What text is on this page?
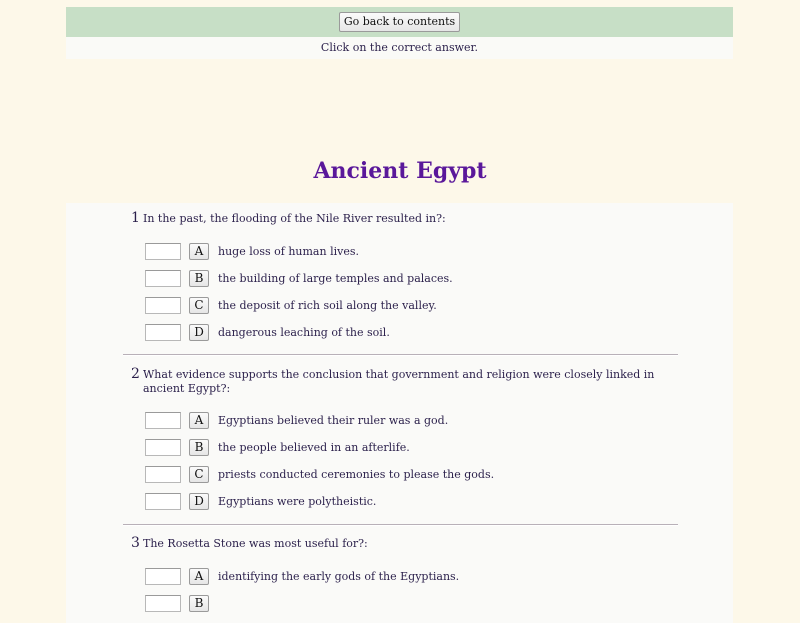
Go back to contents
Click on the correct answer.
Ancient Egypt
1 In the past, the flooding of the Nile River resulted in?:
A	huge loss of human lives.
B	the building of large temples and palaces.
C	the deposit of rich soil along the valley.
D	dangerous leaching of the soil.
2 What evidence supports the conclusion that government and religion were closely linked in ancient Egypt?:
A	Egyptians believed their ruler was a god.
B	the people believed in an afterlife.
C	priests conducted ceremonies to please the gods.
D	Egyptians were polytheistic.
3 The Rosetta Stone was most useful for?:
A	identifying the early gods of the Egyptians.
B
